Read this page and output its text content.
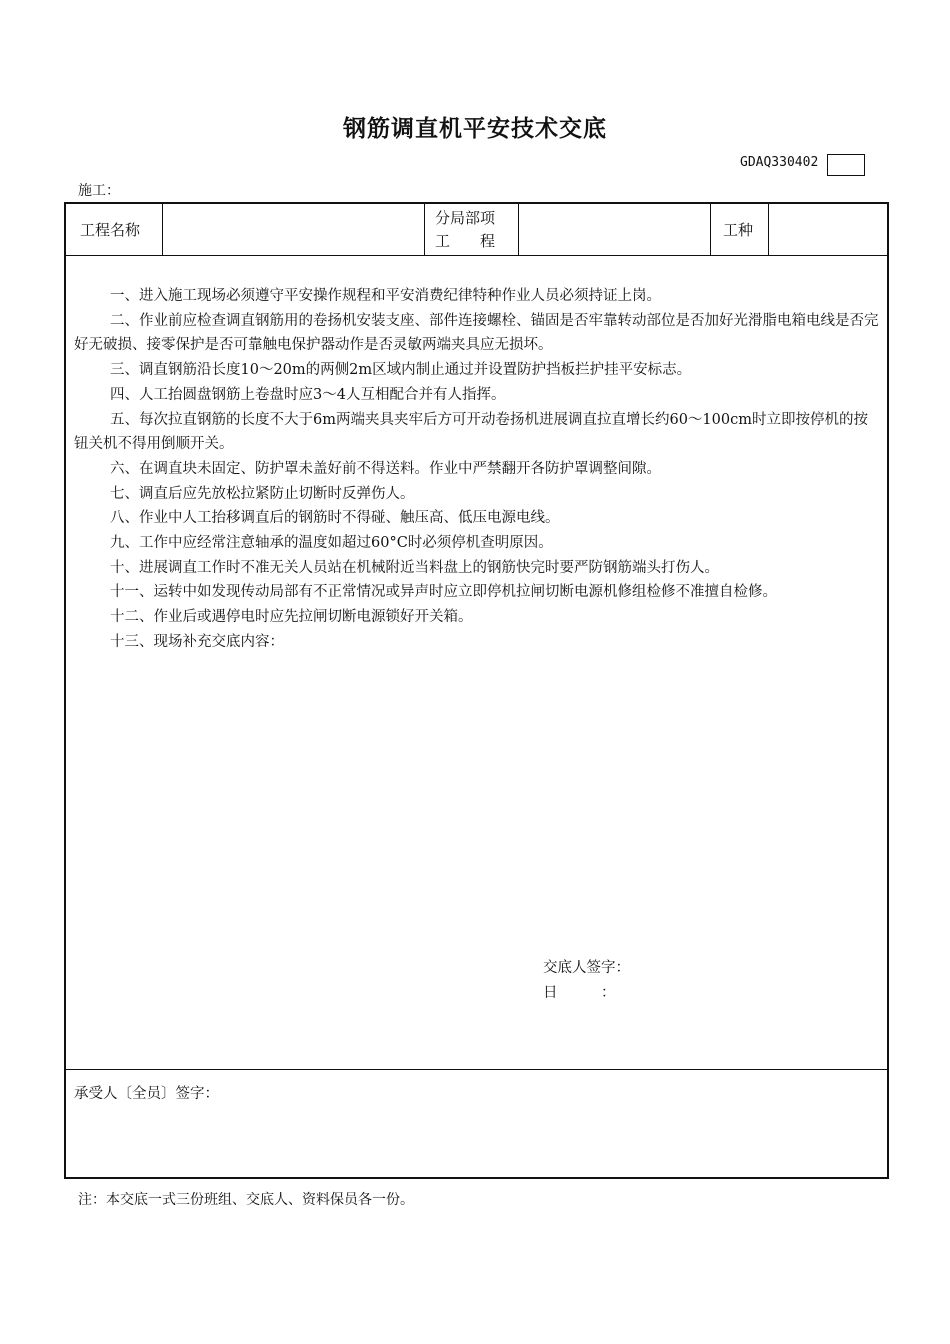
钢筋调直机平安技术交底
GDAQ330402
施工：
工程名称
分局部项
工　　程
工种

一、进入施工现场必须遵守平安操作规程和平安消费纪律特种作业人员必须持证上岗。

二、作业前应检查调直钢筋用的卷扬机安装支座、部件连接螺栓、锚固是否牢靠转动部位是否加好光滑脂电箱电线是否完好无破损、接零保护是否可靠触电保护器动作是否灵敏两端夹具应无损坏。

三、调直钢筋沿长度10～20m的两侧2m区域内制止通过并设置防护挡板拦护挂平安标志。

四、人工抬圆盘钢筋上卷盘时应3～4人互相配合并有人指挥。

五、每次拉直钢筋的长度不大于6m两端夹具夹牢后方可开动卷扬机进展调直拉直增长约60～100cm时立即按停机的按钮关机不得用倒顺开关。

六、在调直块未固定、防护罩未盖好前不得送料。作业中严禁翻开各防护罩调整间隙。

七、调直后应先放松拉紧防止切断时反弹伤人。

八、作业中人工抬移调直后的钢筋时不得碰、触压高、低压电源电线。

九、工作中应经常注意轴承的温度如超过60°C时必须停机查明原因。

十、进展调直工作时不准无关人员站在机械附近当料盘上的钢筋快完时要严防钢筋端头打伤人。

十一、运转中如发现传动局部有不正常情况或异声时应立即停机拉闸切断电源机修组检修不准擅自检修。

十二、作业后或遇停电时应先拉闸切断电源锁好开关箱。

十三、现场补充交底内容：

交底人签字：
日　　　：
承受人〔全员〕签字：
注：本交底一式三份班组、交底人、资料保员各一份。
